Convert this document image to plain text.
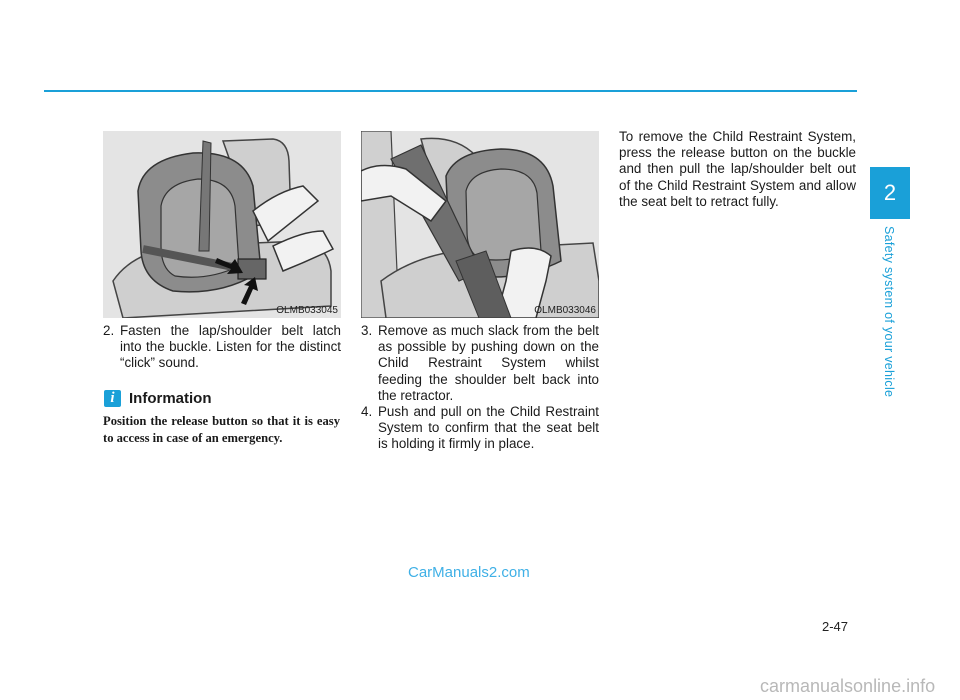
OLMB033045	OLMB033046
2. Fasten the lap/shoulder belt latch into the buckle. Listen for the distinct “click” sound.
i Information
Position the release button so that it is easy to access in case of an emergency.
3. Remove as much slack from the belt as possible by pushing down on the Child Restraint System whilst feeding the shoulder belt back into the retractor.
4. Push and pull on the Child Restraint System to confirm that the seat belt is holding it firmly in place.
To remove the Child Restraint System, press the release button on the buckle and then pull the lap/shoulder belt out of the Child Restraint System and allow the seat belt to retract fully.	2
Safety system of your vehicle
2-47
CarManuals2.com
carmanualsonline.info
